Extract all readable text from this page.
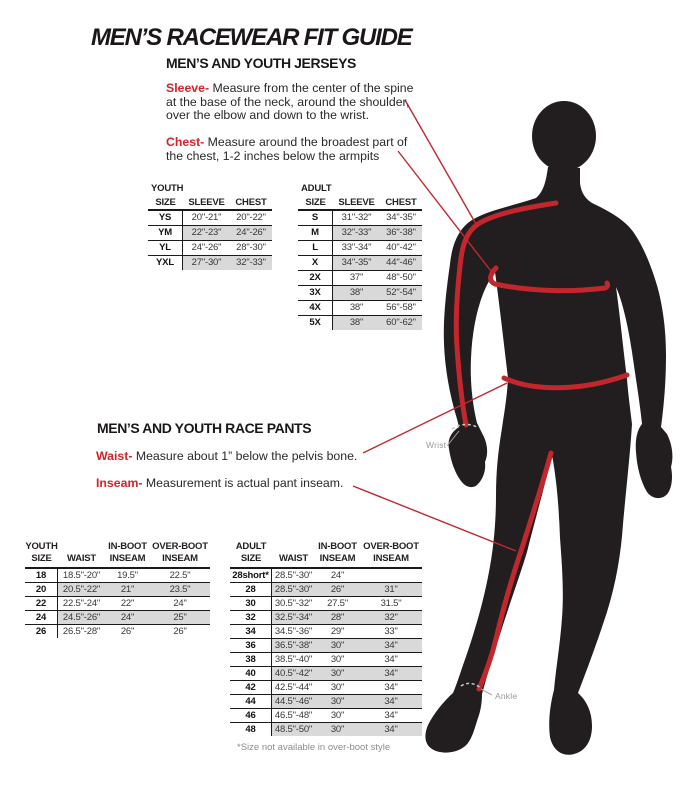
Wrist
Ankle
MEN’S RACEWEAR FIT GUIDE
MEN’S AND YOUTH JERSEYS
Sleeve- Measure from the center of the spine at the base of the neck, around the shoulder, over the elbow and down to the wrist.
Chest- Measure around the broadest part of the chest, 1-2 inches below the armpits
YOUTH
SIZE	SLEEVE	CHEST
YS	20"-21"	20"-22"
YM	22"-23"	24"-26"
YL	24"-26"	28"-30"
YXL	27"-30"	32"-33"
ADULT
SIZE	SLEEVE	CHEST
S	31"-32"	34"-35"
M	32"-33"	36"-38"
L	33"-34"	40"-42"
X	34"-35"	44"-46"
2X	37"	48"-50"
3X	38"	52"-54"
4X	38"	56"-58"
5X	38"	60"-62"
MEN’S AND YOUTH RACE PANTS
Waist- Measure about 1” below the pelvis bone.
Inseam- Measurement is actual pant inseam.
YOUTH	IN-BOOT OVER-BOOT
SIZE	WAIST	INSEAM	INSEAM
18	18.5"-20"	19.5"	22.5"
20	20.5"-22"	21"	23.5"
22	22.5"-24"	22"	24"
24	24.5"-26"	24"	25"
26	26.5"-28"	26"	26"
ADULT	IN-BOOT OVER-BOOT
SIZE	WAIST	INSEAM	INSEAM
28short* 28.5"-30"	24"
28	28.5"-30"	26"	31"
30	30.5"-32"	27.5"	31.5"
32	32.5"-34"	28"	32"
34	34.5"-36"	29"	33"
36	36.5"-38"	30"	34"
38	38.5"-40"	30"	34"
40	40.5"-42"	30"	34"
42	42.5"-44"	30"	34"
44	44.5"-46"	30"	34"
46	46.5"-48"	30"	34"
48	48.5"-50"	30"	34"
*Size not available in over-boot style
